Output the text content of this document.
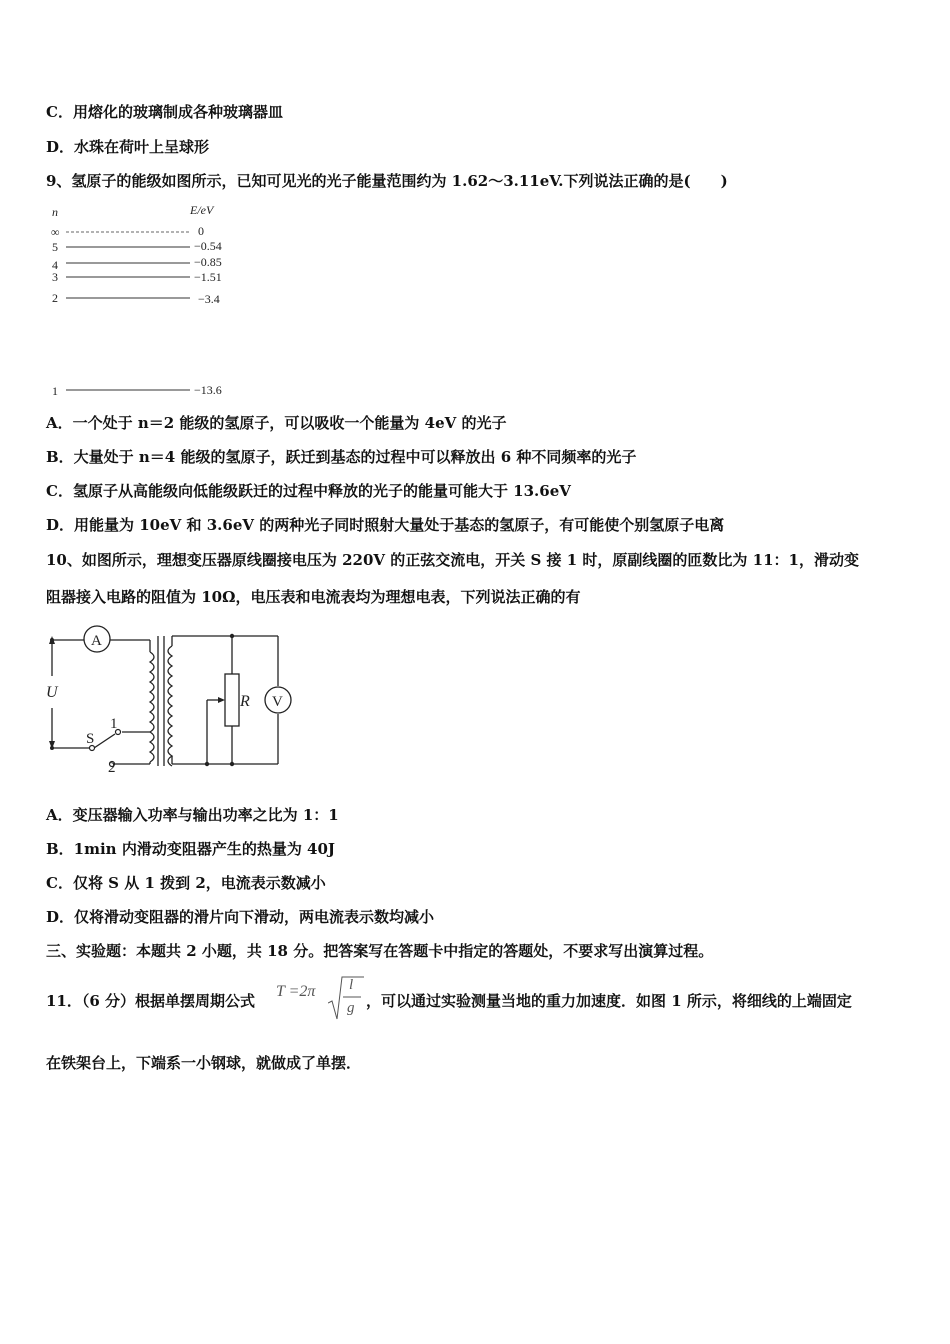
C．用熔化的玻璃制成各种玻璃器皿
D．水珠在荷叶上呈球形
9、氢原子的能级如图所示，已知可见光的光子能量范围约为 1.62～3.11eV.下列说法正确的是(　　)
n	E/eV
∞	0
5	−0.54
4	−0.85
3	−1.51
2	−3.4
1	−13.6
A．一个处于 n＝2 能级的氢原子，可以吸收一个能量为 4eV 的光子
B．大量处于 n＝4 能级的氢原子，跃迁到基态的过程中可以释放出 6 种不同频率的光子
C．氢原子从高能级向低能级跃迁的过程中释放的光子的能量可能大于 13.6eV
D．用能量为 10eV 和 3.6eV 的两种光子同时照射大量处于基态的氢原子，有可能使个别氢原子电离
10、如图所示，理想变压器原线圈接电压为 220V 的正弦交流电，开关 S 接 1 时，原副线圈的匝数比为 11：1，滑动变
阻器接入电路的阻值为 10Ω，电压表和电流表均为理想电表，下列说法正确的有
A
V
U
S
1
2
R
A．变压器输入功率与输出功率之比为 1：1
B．1min 内滑动变阻器产生的热量为 40J
C．仅将 S 从 1 拨到 2，电流表示数减小
D．仅将滑动变阻器的滑片向下滑动，两电流表示数均减小
三、实验题：本题共 2 小题，共 18 分。把答案写在答题卡中指定的答题处，不要求写出演算过程。
11．（6 分）根据单摆周期公式
T =2π l
g ，可以通过实验测量当地的重力加速度．如图 1 所示，将细线的上端固定
在铁架台上，下端系一小钢球，就做成了单摆．
